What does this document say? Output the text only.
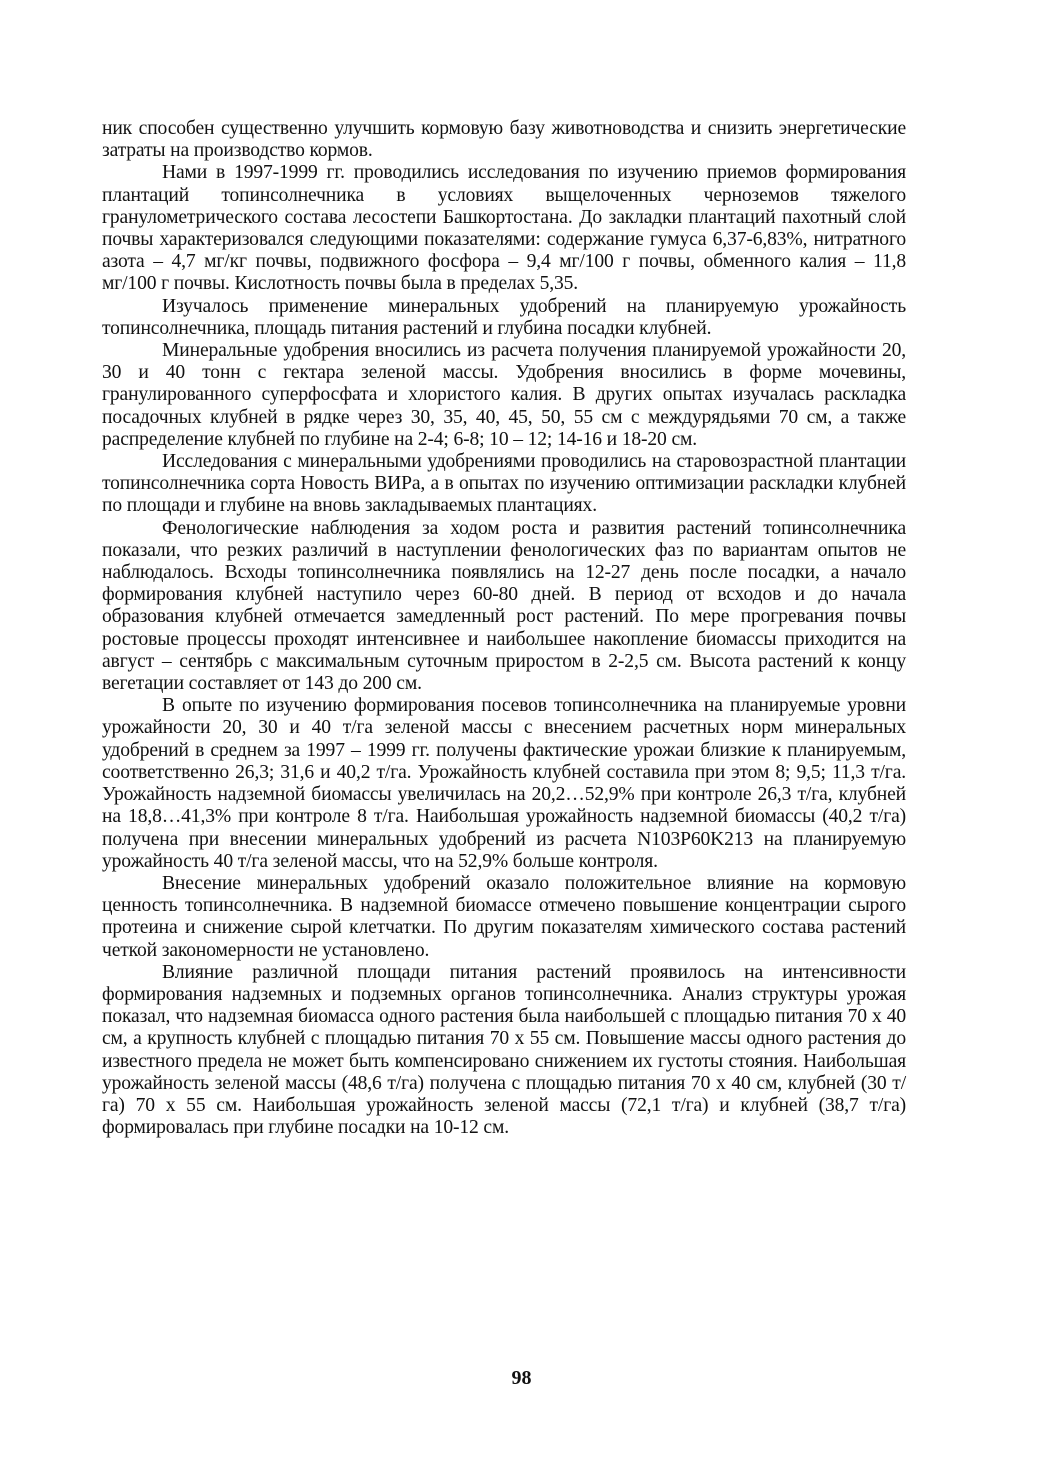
ник способен существенно улучшить кормовую базу животноводства и снизить энергетические затраты на производство кормов.

Нами в 1997-1999 гг. проводились исследования по изучению приемов формирования плантаций топинсолнечника в условиях выщелоченных черноземов тяжелого гранулометрического состава лесостепи Башкортостана. До закладки плантаций пахотный слой почвы характеризовался следующими показателями: содержание гумуса 6,37-6,83%, нитратного азота – 4,7 мг/кг почвы, подвижного фосфора – 9,4 мг/100 г почвы, обменного калия – 11,8 мг/100 г почвы. Кислотность почвы была в пределах 5,35.

Изучалось применение минеральных удобрений на планируемую урожайность топинсолнечника, площадь питания растений и глубина посадки клубней.

Минеральные удобрения вносились из расчета получения планируемой урожайности 20, 30 и 40 тонн с гектара зеленой массы. Удобрения вносились в форме мочевины, гранулированного суперфосфата и хлористого калия. В других опытах изучалась раскладка посадочных клубней в рядке через 30, 35, 40, 45, 50, 55 см с междурядьями 70 см, а также распределение клубней по глубине на 2-4; 6-8; 10 – 12; 14-16 и 18-20 см.

Исследования с минеральными удобрениями проводились на старовозрастной плантации топинсолнечника сорта Новость ВИРа, а в опытах по изучению оптимизации раскладки клубней по площади и глубине на вновь закладываемых плантациях.

Фенологические наблюдения за ходом роста и развития растений топинсолнечника показали, что резких различий в наступлении фенологических фаз по вариантам опытов не наблюдалось. Всходы топинсолнечника появлялись на 12-27 день после посадки, а начало формирования клубней наступило через 60-80 дней. В период от всходов и до начала образования клубней отмечается замедленный рост растений. По мере прогревания почвы ростовые процессы проходят интенсивнее и наибольшее накопление биомассы приходится на август – сентябрь с максимальным суточным приростом в 2-2,5 см. Высота растений к концу вегетации составляет от 143 до 200 см.

В опыте по изучению формирования посевов топинсолнечника на планируемые уровни урожайности 20, 30 и 40 т/га зеленой массы с внесением расчетных норм минеральных удобрений в среднем за 1997 – 1999 гг. получены фактические урожаи близкие к планируемым, соответственно 26,3; 31,6 и 40,2 т/га. Урожайность клубней составила при этом 8; 9,5; 11,3 т/га. Урожайность надземной биомассы увеличилась на 20,2…52,9% при контроле 26,3 т/га, клубней на 18,8…41,3% при контроле 8 т/га. Наибольшая урожайность надземной биомассы (40,2 т/га) получена при внесении минеральных удобрений из расчета N103P60K213 на планируемую урожайность 40 т/га зеленой массы, что на 52,9% больше контроля.

Внесение минеральных удобрений оказало положительное влияние на кормовую ценность топинсолнечника. В надземной биомассе отмечено повышение концентрации сырого протеина и снижение сырой клетчатки. По другим показателям химического состава растений четкой закономерности не установлено.

Влияние различной площади питания растений проявилось на интенсивности формирования надземных и подземных органов топинсолнечника. Анализ структуры урожая показал, что надземная биомасса одного растения была наибольшей с площадью питания 70 х 40 см, а крупность клубней с площадью питания 70 х 55 см. Повышение массы одного растения до известного предела не может быть компенсировано снижением их густоты стояния. Наибольшая урожайность зеленой массы (48,6 т/га) получена с площадью питания 70 х 40 см, клубней (30 т/га) 70 х 55 см. Наибольшая урожайность зеленой массы (72,1 т/га) и клубней (38,7 т/га) формировалась при глубине посадки на 10-12 см.

98
